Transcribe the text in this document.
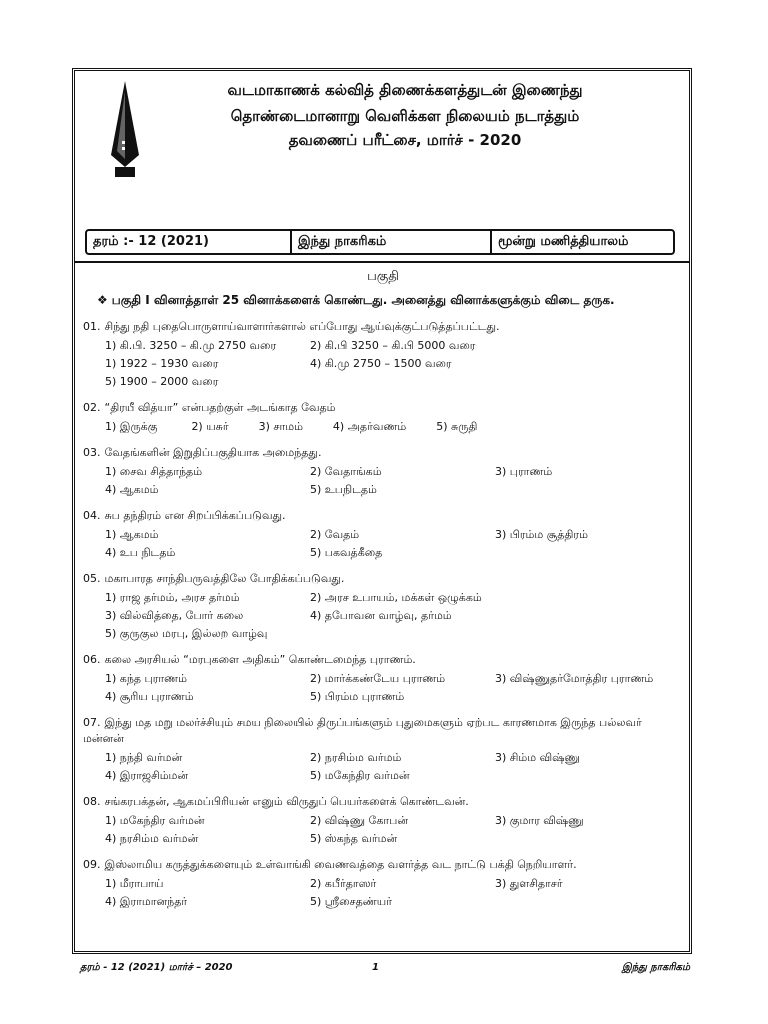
வடமாகாணக் கல்வித் திணைக்களத்துடன் இணைந்து
தொண்டைமானாறு வெளிக்கள நிலையம் நடாத்தும்
தவணைப் பரீட்சை, மார்ச் - 2020
தரம் :- 12 (2021)	இந்து நாகரிகம்	மூன்று மணித்தியாலம்
பகுதி
❖ பகுதி I வினாத்தாள் 25 வினாக்களைக் கொண்டது. அனைத்து வினாக்களுக்கும் விடை தருக.
01. சிந்து நதி புதைபொருளாய்வாளார்களால் எப்போது ஆய்வுக்குட்படுத்தப்பட்டது.
1) கி.பி. 3250 – கி.மு 2750 வரை	2) கி.பி 3250 – கி.பி 5000 வரை
1) 1922 – 1930 வரை	4) கி.மு 2750 – 1500 வரை
5) 1900 – 2000 வரை
02. “திரயீ வித்யா” என்பதற்குள் அடங்காத வேதம்
1) இருக்கு	2) யசுர்	3) சாமம்	4) அதர்வணம்	5) சுருதி
03. வேதங்களின் இறுதிப்பகுதியாக அமைந்தது.
1) சைவ சித்தாந்தம்	2) வேதாங்கம்	3) புராணம்
4) ஆகமம்	5) உபநிடதம்
04. சுப தந்திரம் என சிறப்பிக்கப்படுவது.
1) ஆகமம்	2) வேதம்	3) பிரம்ம சூத்திரம்
4) உப நிடதம்	5) பகவத்கீதை
05. மகாபாரத சாந்திபருவத்திலே போதிக்கப்படுவது.
1) ராஜ தர்மம், அரச தர்மம்	2) அரச உபாயம், மக்கள் ஒழுக்கம்
3) வில்வித்தை, போர் கலை	4) தபோவன வாழ்வு, தர்மம்
5) குருகுல மரபு, இல்லற வாழ்வு
06. கலை அரசியல் “மரபுகளை அதிகம்” கொண்டமைந்த புராணம்.
1) கந்த புராணம்	2) மார்க்கண்டேய புராணம்	3) விஷ்ணுதர்மோத்திர புராணம்
4) சூரிய புராணம்	5) பிரம்ம புராணம்
07. இந்து மத மறு மலர்ச்சியும் சமய நிலையில் திருப்பங்களும் புதுமைகளும் ஏற்பட காரணமாக இருந்த பல்லவர் மன்னன்
1) நந்தி வர்மன்	2) நரசிம்ம வர்மம்	3) சிம்ம விஷ்ணு
4) இராஜசிம்மன்	5) மகேந்திர வர்மன்
08. சங்கரபக்தன், ஆகமப்பிரியன் எனும் விருதுப் பெயர்களைக் கொண்டவன்.
1) மகேந்திர வர்மன்	2) விஷ்ணு கோபன்	3) குமார விஷ்ணு
4) நரசிம்ம வர்மன்	5) ஸ்கந்த வர்மன்
09. இஸ்லாமிய கருத்துக்களையும் உள்வாங்கி வைணவத்தை வளர்த்த வட நாட்டு பக்தி நெறியாளர்.
1) மீராபாய்	2) கபீர்தாஸர்	3) துளசிதாசர்
4) இராமானந்தர்	5) ஸ்ரீசைதண்யர்
தரம் - 12 (2021) மார்ச் – 2020	1	இந்து நாகரிகம்
